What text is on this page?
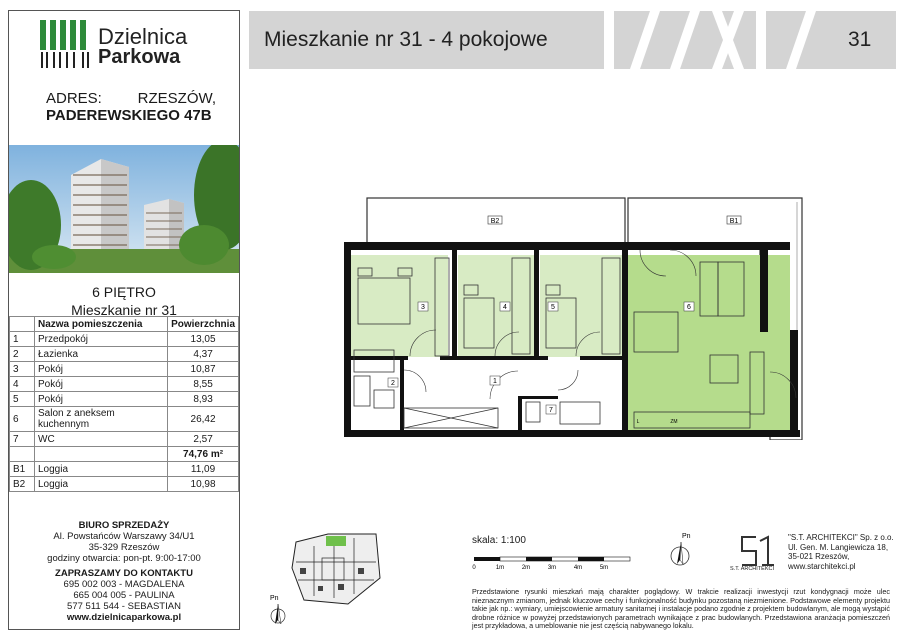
Dzielnica
Parkowa
ADRES: RZESZÓW,
PADEREWSKIEGO 47B
6 PIĘTRO
Mieszkanie nr 31
	Nazwa pomieszczenia	Powierzchnia
1	Przedpokój	13,05
2	Łazienka	4,37
3	Pokój	10,87
4	Pokój	8,55
5	Pokój	8,93
6	Salon z aneksem kuchennym	26,42
7	WC	2,57
		74,76 m²
B1	Loggia	11,09
B2	Loggia	10,98
BIURO SPRZEDAŻY
Al. Powstańców Warszawy 34/U1
35-329 Rzeszów
godziny otwarcia: pon-pt. 9:00-17:00
ZAPRASZAMY DO KONTAKTU
695 002 003 - MAGDALENA
665 004 005 - PAULINA
577 511 544 - SEBASTIAN
www.dzielnicaparkowa.pl
Mieszkanie nr 31 - 4 pokojowe	31
B2	B1
3	4	5	6
1
2
7
ZM
L
skala: 1:100
0	1m	2m	3m	4m	5m
Pn
Pn
S.T. ARCHITEKCI
"S.T. ARCHITEKCI" Sp. z o.o.
Ul. Gen. M. Langiewicza 18,
35-021 Rzeszów,
www.starchitekci.pl
Przedstawione rysunki mieszkań mają charakter poglądowy. W trakcie realizacji inwestycji rzut kondygnacji może ulec nieznacznym zmianom, jednak kluczowe cechy i funkcjonalność budynku pozostaną niezmienione. Podstawowe elementy projektu takie jak np.: wymiary, umiejscowienie armatury sanitarnej i instalacje podano zgodnie z projektem budowlanym, ale mogą wystąpić drobne różnice w powyżej przedstawionych parametrach wynikające z prac budowlanych. Przedstawiona aranżacja pomieszczeń jest przykładowa, a umeblowanie nie jest częścią nabywanego lokalu.
